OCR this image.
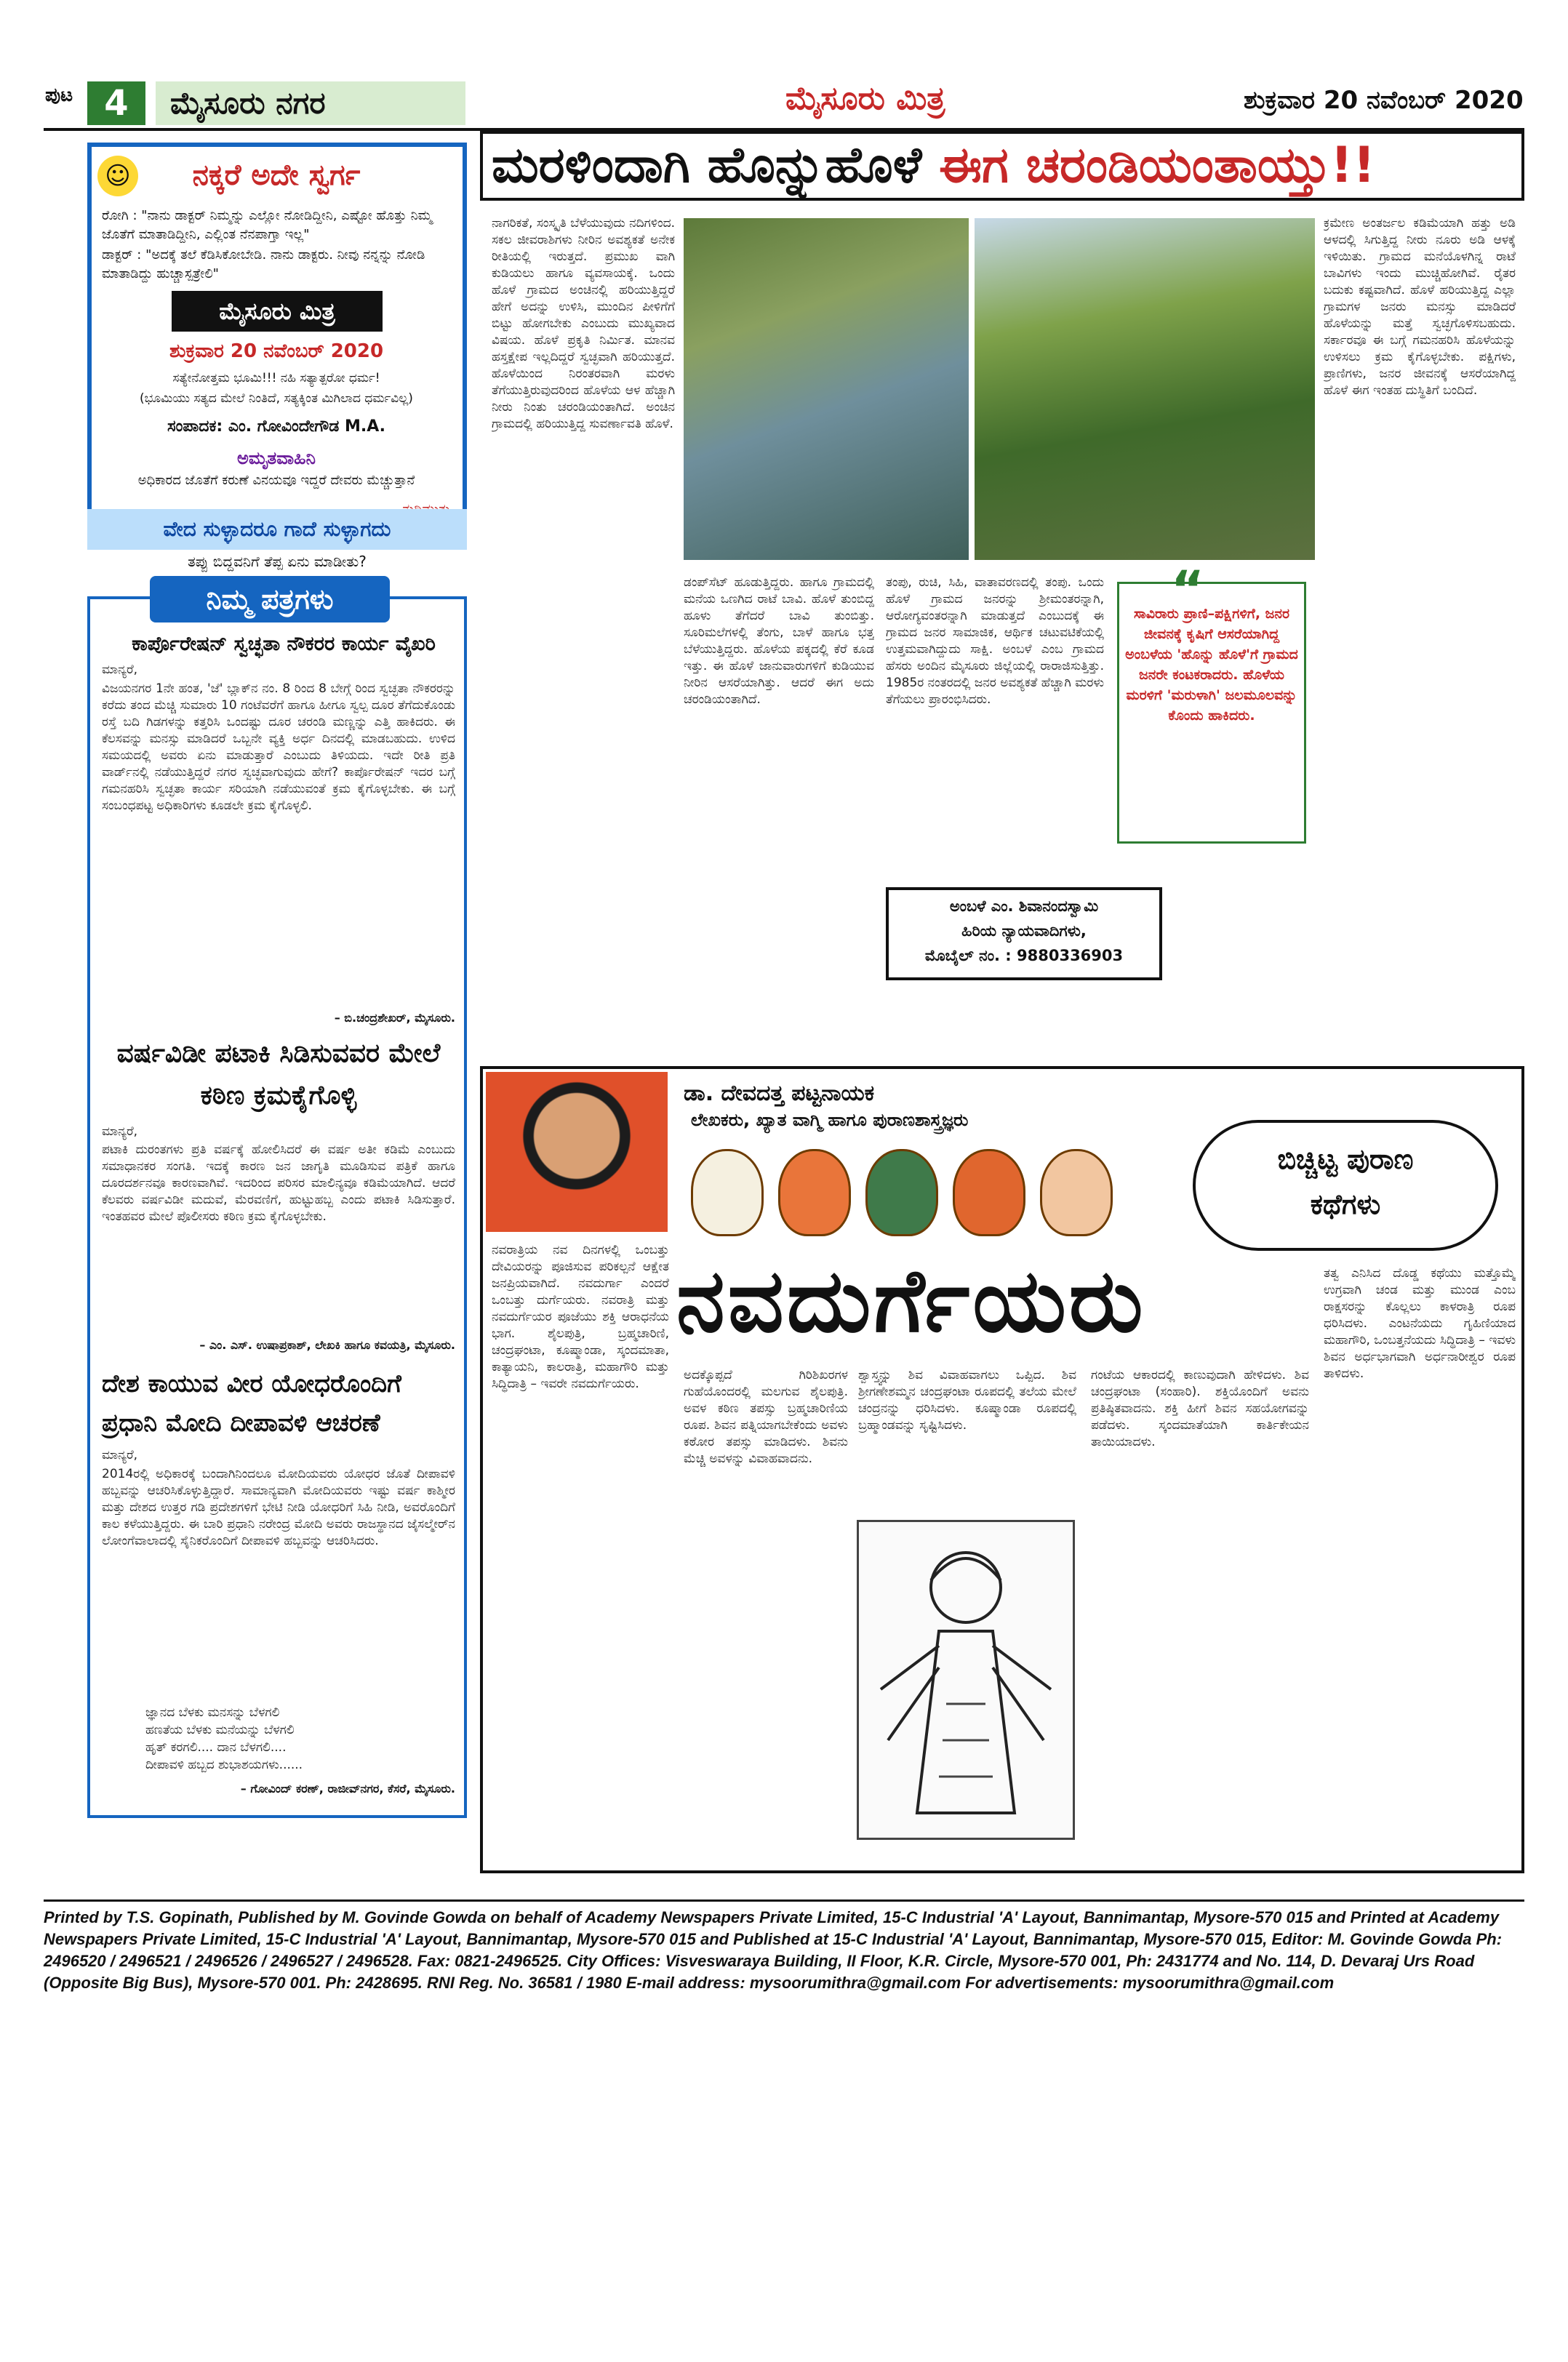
ಪುಟ 4	ಮೈಸೂರು ನಗರ	ಮೈಸೂರು ಮಿತ್ರ	ಶುಕ್ರವಾರ 20 ನವೆಂಬರ್ 2020
☺	ನಕ್ಕರೆ ಅದೇ ಸ್ವರ್ಗ
ರೋಗಿ : "ನಾನು ಡಾಕ್ಟರ್ ನಿಮ್ಮನ್ನು ಎಲ್ಲೋ ನೋಡಿದ್ದೀನಿ, ಎಷ್ಟೋ ಹೊತ್ತು ನಿಮ್ಮ ಜೊತೆಗೆ ಮಾತಾಡಿದ್ದೀನಿ, ಎಲ್ಲಿಂತ ನೆನಪಾಗ್ತಾ ಇಲ್ಲ"
ಡಾಕ್ಟರ್ : "ಅದಕ್ಕೆ ತಲೆ ಕೆಡಿಸಿಕೋಬೇಡಿ. ನಾನು ಡಾಕ್ಟರು. ನೀವು ನನ್ನನ್ನು ನೋಡಿ ಮಾತಾಡಿದ್ದು ಹುಚ್ಚಾಸ್ಪತ್ರೇಲಿ"
ಮೈಸೂರು ಮಿತ್ರ
ಶುಕ್ರವಾರ 20 ನವೆಂಬರ್ 2020
ಸತ್ಯೇನೋತ್ತಮ ಭೂಮಿ!!! ನಹಿ ಸತ್ಯಾತ್ಪರೋ ಧರ್ಮ!
(ಭೂಮಿಯು ಸತ್ಯದ ಮೇಲೆ ನಿಂತಿದೆ, ಸತ್ಯಕ್ಕಿಂತ ಮಿಗಿಲಾದ ಧರ್ಮವಿಲ್ಲ)
ಸಂಪಾದಕ: ಎಂ. ಗೋವಿಂದೇಗೌಡ M.A.
ಅಮೃತವಾಹಿನಿ
ಅಧಿಕಾರದ ಜೊತೆಗೆ ಕರುಣೆ ವಿನಯವೂ ಇದ್ದರೆ ದೇವರು ಮೆಚ್ಚುತ್ತಾನೆ
ವೇದ ಸುಳ್ಳಾದರೂ ಗಾದೆ ಸುಳ್ಳಾಗದು
ತಪ್ಪು ಬಿದ್ದವನಿಗೆ ತೆಪ್ಪ ಏನು ಮಾಡೀತು?
ನಿಮ್ಮ ಪತ್ರಗಳು
ಕಾರ್ಪೊರೇಷನ್ ಸ್ವಚ್ಛತಾ ನೌಕರರ ಕಾರ್ಯ ವೈಖರಿ
ಮಾನ್ಯರೆ,
ವಿಜಯನಗರ 1ನೇ ಹಂತ, 'ಜೆ' ಬ್ಲಾಕ್‌ನ ನಂ. 8 ರಿಂದ 8 ಬೇಗ್ಗೆ ರಿಂದ ಸ್ವಚ್ಛತಾ ನೌಕರರನ್ನು ಕರೆದು ತಂದ ಮೆಚ್ಚಿ ಸುಮಾರು 10 ಗಂಟೆವರೆಗೆ ಹಾಗೂ ಹೀಗೂ ಸ್ವಲ್ಪ ದೂರ ತೆಗೆದುಕೊಂಡು ರಸ್ತೆ ಬದಿ ಗಿಡಗಳನ್ನು ಕತ್ತರಿಸಿ ಒಂದಷ್ಟು ದೂರ ಚರಂಡಿ ಮಣ್ಣನ್ನು ಎತ್ತಿ ಹಾಕಿದರು. ಈ ಕೆಲಸವನ್ನು ಮನಸ್ಸು ಮಾಡಿದರೆ ಒಬ್ಬನೇ ವ್ಯಕ್ತಿ ಅರ್ಧ ದಿನದಲ್ಲಿ ಮಾಡಬಹುದು. ಉಳಿದ ಸಮಯದಲ್ಲಿ ಅವರು ಏನು ಮಾಡುತ್ತಾರೆ ಎಂಬುದು ತಿಳಿಯದು. ಇದೇ ರೀತಿ ಪ್ರತಿ ವಾರ್ಡ್‌ನಲ್ಲಿ ನಡೆಯುತ್ತಿದ್ದರೆ ನಗರ ಸ್ವಚ್ಛವಾಗುವುದು ಹೇಗೆ? ಕಾರ್ಪೊರೇಷನ್ ಇದರ ಬಗ್ಗೆ ಗಮನಹರಿಸಿ ಸ್ವಚ್ಛತಾ ಕಾರ್ಯ ಸರಿಯಾಗಿ ನಡೆಯುವಂತೆ ಕ್ರಮ ಕೈಗೊಳ್ಳಬೇಕು. ಈ ಬಗ್ಗೆ ಸಂಬಂಧಪಟ್ಟ ಅಧಿಕಾರಿಗಳು ಕೂಡಲೇ ಕ್ರಮ ಕೈಗೊಳ್ಳಲಿ.
– ಬಿ.ಚಂದ್ರಶೇಖರ್, ಮೈಸೂರು.
ವರ್ಷವಿಡೀ ಪಟಾಕಿ ಸಿಡಿಸುವವರ ಮೇಲೆ ಕಠಿಣ ಕ್ರಮಕೈಗೊಳ್ಳಿ
ಮಾನ್ಯರೆ,
ಪಟಾಕಿ ದುರಂತಗಳು ಪ್ರತಿ ವರ್ಷಕ್ಕೆ ಹೋಲಿಸಿದರೆ ಈ ವರ್ಷ ಅತೀ ಕಡಿಮೆ ಎಂಬುದು ಸಮಾಧಾನಕರ ಸಂಗತಿ. ಇದಕ್ಕೆ ಕಾರಣ ಜನ ಜಾಗೃತಿ ಮೂಡಿಸುವ ಪತ್ರಿಕೆ ಹಾಗೂ ದೂರದರ್ಶನವೂ ಕಾರಣವಾಗಿವೆ. ಇದರಿಂದ ಪರಿಸರ ಮಾಲಿನ್ಯವೂ ಕಡಿಮೆಯಾಗಿದೆ. ಆದರೆ ಕೆಲವರು ವರ್ಷವಿಡೀ ಮದುವೆ, ಮೆರವಣಿಗೆ, ಹುಟ್ಟುಹಬ್ಬ ಎಂದು ಪಟಾಕಿ ಸಿಡಿಸುತ್ತಾರೆ. ಇಂತಹವರ ಮೇಲೆ ಪೊಲೀಸರು ಕಠಿಣ ಕ್ರಮ ಕೈಗೊಳ್ಳಬೇಕು.
– ಎಂ. ಎಸ್. ಉಷಾಪ್ರಕಾಶ್, ಲೇಖಕಿ ಹಾಗೂ ಕವಯತ್ರಿ, ಮೈಸೂರು.
ದೇಶ ಕಾಯುವ ವೀರ ಯೋಧರೊಂದಿಗೆ ಪ್ರಧಾನಿ ಮೋದಿ ದೀಪಾವಳಿ ಆಚರಣೆ
ಮಾನ್ಯರೆ,
2014ರಲ್ಲಿ ಅಧಿಕಾರಕ್ಕೆ ಬಂದಾಗಿನಿಂದಲೂ ಮೋದಿಯವರು ಯೋಧರ ಜೊತೆ ದೀಪಾವಳಿ ಹಬ್ಬವನ್ನು ಆಚರಿಸಿಕೊಳ್ಳುತ್ತಿದ್ದಾರೆ. ಸಾಮಾನ್ಯವಾಗಿ ಮೋದಿಯವರು ಇಷ್ಟು ವರ್ಷ ಕಾಶ್ಮೀರ ಮತ್ತು ದೇಶದ ಉತ್ತರ ಗಡಿ ಪ್ರದೇಶಗಳಿಗೆ ಭೇಟಿ ನೀಡಿ ಯೋಧರಿಗೆ ಸಿಹಿ ನೀಡಿ, ಅವರೊಂದಿಗೆ ಕಾಲ ಕಳೆಯುತ್ತಿದ್ದರು. ಈ ಬಾರಿ ಪ್ರಧಾನಿ ನರೇಂದ್ರ ಮೋದಿ ಅವರು ರಾಜಸ್ಥಾನದ ಜೈಸಲ್ಮೇರ್‌ನ ಲೋಂಗೆವಾಲಾದಲ್ಲಿ ಸೈನಿಕರೊಂದಿಗೆ ದೀಪಾವಳಿ ಹಬ್ಬವನ್ನು ಆಚರಿಸಿದರು.
ಜ್ಞಾನದ ಬೆಳಕು ಮನಸನ್ನು ಬೆಳಗಲಿ
ಹಣತೆಯ ಬೆಳಕು ಮನೆಯನ್ನು ಬೆಳಗಲಿ
ಹೃತ್ ಕರಗಲಿ.... ದಾನ ಬೆಳಗಲಿ....
ದೀಪಾವಳಿ ಹಬ್ಬದ ಶುಭಾಶಯಗಳು......
– ಗೋವಿಂದ್ ಕರಣ್, ರಾಜೀವ್‌ನಗರ, ಕೆಸರೆ, ಮೈಸೂರು.
ಮರಳಿಂದಾಗಿ ಹೊನ್ನುಹೊಳೆ ಈಗ ಚರಂಡಿಯಂತಾಯ್ತು!!
ನಾಗರಿಕತೆ, ಸಂಸ್ಕೃತಿ ಬೆಳೆಯುವುದು ನದಿಗಳಿಂದ. ಸಕಲ ಜೀವರಾಶಿಗಳು ನೀರಿನ ಅವಶ್ಯಕತೆ ಅನೇಕ ರೀತಿಯಲ್ಲಿ ಇರುತ್ತದೆ. ಪ್ರಮುಖ ವಾಗಿ ಕುಡಿಯಲು ಹಾಗೂ ವ್ಯವಸಾಯಕ್ಕೆ. ಒಂದು ಹೊಳೆ ಗ್ರಾಮದ ಅಂಚಿನಲ್ಲಿ ಹರಿಯುತ್ತಿದ್ದರೆ ಹೇಗೆ ಅದನ್ನು ಉಳಿಸಿ, ಮುಂದಿನ ಪೀಳಿಗೆಗೆ ಬಿಟ್ಟು ಹೋಗಬೇಕು ಎಂಬುದು ಮುಖ್ಯವಾದ ವಿಷಯ. ಹೊಳೆ ಪ್ರಕೃತಿ ನಿರ್ಮಿತ. ಮಾನವ ಹಸ್ತಕ್ಷೇಪ ಇಲ್ಲದಿದ್ದರೆ ಸ್ವಚ್ಛವಾಗಿ ಹರಿಯುತ್ತದೆ. ಹೊಳೆಯಿಂದ ನಿರಂತರವಾಗಿ ಮರಳು ತೆಗೆಯುತ್ತಿರುವುದರಿಂದ ಹೊಳೆಯ ಆಳ ಹೆಚ್ಚಾಗಿ ನೀರು ನಿಂತು ಚರಂಡಿಯಂತಾಗಿದೆ. ಅಂಚಿನ ಗ್ರಾಮದಲ್ಲಿ ಹರಿಯುತ್ತಿದ್ದ ಸುವರ್ಣಾವತಿ ಹೊಳೆ.
ಡಂಪ್‌ಸೆಟ್ ಹೂಡುತ್ತಿದ್ದರು. ಹಾಗೂ ಗ್ರಾಮದಲ್ಲಿ ಮನೆಯ ಒಣಗಿದ ರಾಟೆ ಬಾವಿ. ಹೊಳೆ ತುಂಬಿದ್ದ ಹೂಳು ತೆಗೆದರೆ ಬಾವಿ ತುಂಬಿತ್ತು. ಸೂರಿಮಲೆಗಳಲ್ಲಿ ತೆಂಗು, ಬಾಳೆ ಹಾಗೂ ಭತ್ತ ಬೆಳೆಯುತ್ತಿದ್ದರು. ಹೊಳೆಯ ಪಕ್ಕದಲ್ಲಿ ಕೆರೆ ಕೂಡ ಇತ್ತು. ಈ ಹೊಳೆ ಜಾನುವಾರುಗಳಿಗೆ ಕುಡಿಯುವ ನೀರಿನ ಆಸರೆಯಾಗಿತ್ತು. ಆದರೆ ಈಗ ಅದು ಚರಂಡಿಯಂತಾಗಿದೆ.
ತಂಪು, ರುಚಿ, ಸಿಹಿ, ವಾತಾವರಣದಲ್ಲಿ ತಂಪು. ಒಂದು ಹೊಳೆ ಗ್ರಾಮದ ಜನರನ್ನು ಶ್ರೀಮಂತರನ್ನಾಗಿ, ಆರೋಗ್ಯವಂತರನ್ನಾಗಿ ಮಾಡುತ್ತದೆ ಎಂಬುದಕ್ಕೆ ಈ ಗ್ರಾಮದ ಜನರ ಸಾಮಾಜಿಕ, ಆರ್ಥಿಕ ಚಟುವಟಿಕೆಯಲ್ಲಿ ಉತ್ತಮವಾಗಿದ್ದುದು ಸಾಕ್ಷಿ. ಅಂಬಳೆ ಎಂಬ ಗ್ರಾಮದ ಹೆಸರು ಅಂದಿನ ಮೈಸೂರು ಜಿಲ್ಲೆಯಲ್ಲಿ ರಾರಾಜಿಸುತ್ತಿತ್ತು. 1985ರ ನಂತರದಲ್ಲಿ ಜನರ ಅವಶ್ಯಕತೆ ಹೆಚ್ಚಾಗಿ ಮರಳು ತೆಗೆಯಲು ಪ್ರಾರಂಭಿಸಿದರು.
ಕ್ರಮೇಣ ಅಂತರ್ಜಲ ಕಡಿಮೆಯಾಗಿ ಹತ್ತು ಅಡಿ ಆಳದಲ್ಲಿ ಸಿಗುತ್ತಿದ್ದ ನೀರು ನೂರು ಅಡಿ ಆಳಕ್ಕೆ ಇಳಿಯಿತು. ಗ್ರಾಮದ ಮನೆಯೊಳಗಿನ್ನ ರಾಟೆ ಬಾವಿಗಳು ಇಂದು ಮುಚ್ಚಿಹೋಗಿವೆ. ರೈತರ ಬದುಕು ಕಷ್ಟವಾಗಿದೆ. ಹೊಳೆ ಹರಿಯುತ್ತಿದ್ದ ಎಲ್ಲಾ ಗ್ರಾಮಗಳ ಜನರು ಮನಸ್ಸು ಮಾಡಿದರೆ ಹೊಳೆಯನ್ನು ಮತ್ತೆ ಸ್ವಚ್ಛಗೊಳಿಸಬಹುದು. ಸರ್ಕಾರವೂ ಈ ಬಗ್ಗೆ ಗಮನಹರಿಸಿ ಹೊಳೆಯನ್ನು ಉಳಿಸಲು ಕ್ರಮ ಕೈಗೊಳ್ಳಬೇಕು. ಪಕ್ಷಿಗಳು, ಪ್ರಾಣಿಗಳು, ಜನರ ಜೀವನಕ್ಕೆ ಆಸರೆಯಾಗಿದ್ದ ಹೊಳೆ ಈಗ ಇಂತಹ ದುಸ್ಥಿತಿಗೆ ಬಂದಿದೆ.
“
ಸಾವಿರಾರು ಪ್ರಾಣಿ–ಪಕ್ಷಿಗಳಿಗೆ, ಜನರ ಜೀವನಕ್ಕೆ ಕೃಷಿಗೆ ಆಸರೆಯಾಗಿದ್ದ ಅಂಬಳೆಯ 'ಹೊನ್ನು ಹೊಳೆ'ಗೆ ಗ್ರಾಮದ ಜನರೇ ಕಂಟಕರಾದರು. ಹೊಳೆಯ ಮರಳಿಗೆ 'ಮರುಳಾಗಿ' ಜಲಮೂಲವನ್ನು ಕೊಂದು ಹಾಕಿದರು.
ಅಂಬಳೆ ಎಂ. ಶಿವಾನಂದಸ್ವಾಮಿ
ಹಿರಿಯ ನ್ಯಾಯವಾದಿಗಳು,
ಮೊಬೈಲ್ ನಂ. : 9880336903
ಡಾ. ದೇವದತ್ತ ಪಟ್ಟನಾಯಕ
ಲೇಖಕರು, ಖ್ಯಾತ ವಾಗ್ಮಿ ಹಾಗೂ ಪುರಾಣಶಾಸ್ತ್ರಜ್ಞರು
ಬಿಚ್ಚಿಟ್ಟ ಪುರಾಣ
ಕಥೆಗಳು
ನವರಾತ್ರಿಯ ನವ ದಿನಗಳಲ್ಲಿ ಒಂಬತ್ತು ದೇವಿಯರನ್ನು ಪೂಜಿಸುವ ಪರಿಕಲ್ಪನೆ ಆಕ್ಷೇತ ಜನಪ್ರಿಯವಾಗಿದೆ. ನವದುರ್ಗಾ ಎಂದರೆ ಒಂಬತ್ತು ದುರ್ಗೆಯರು. ನವರಾತ್ರಿ ಮತ್ತು ನವದುರ್ಗೆಯರ ಪೂಜೆಯು ಶಕ್ತಿ ಆರಾಧನೆಯ ಭಾಗ. ಶೈಲಪುತ್ರಿ, ಬ್ರಹ್ಮಚಾರಿಣಿ, ಚಂದ್ರಘಂಟಾ, ಕೂಷ್ಮಾಂಡಾ, ಸ್ಕಂದಮಾತಾ, ಕಾತ್ಯಾಯನಿ, ಕಾಲರಾತ್ರಿ, ಮಹಾಗೌರಿ ಮತ್ತು ಸಿದ್ಧಿದಾತ್ರಿ – ಇವರೇ ನವದುರ್ಗೆಯರು.
ನವದುರ್ಗೆಯರು
ಅದಕ್ಕೊಪ್ಪದೆ ಗಿರಿಶಿಖರಗಳ ಗುಹೆಯೊಂದರಲ್ಲಿ ಮಲಗುವ ಶೈಲಪುತ್ರಿ. ಅವಳ ಕಠಿಣ ತಪಸ್ಸು ಬ್ರಹ್ಮಚಾರಿಣಿಯ ರೂಪ. ಶಿವನ ಪತ್ನಿಯಾಗಬೇಕೆಂದು ಅವಳು ಕಠೋರ ತಪಸ್ಸು ಮಾಡಿದಳು. ಶಿವನು ಮೆಚ್ಚಿ ಅವಳನ್ನು ವಿವಾಹವಾದನು.
ಶ್ವಾಸ್ತ್ವನ್ನು ಶಿವ ವಿವಾಹವಾಗಲು ಒಪ್ಪಿದ. ಶಿವ ಶ್ರೀಗಣೇಶಮ್ಮನ ಚಂದ್ರಘಂಟಾ ರೂಪದಲ್ಲಿ ತಲೆಯ ಮೇಲೆ ಚಂದ್ರನನ್ನು ಧರಿಸಿದಳು. ಕೂಷ್ಮಾಂಡಾ ರೂಪದಲ್ಲಿ ಬ್ರಹ್ಮಾಂಡವನ್ನು ಸೃಷ್ಟಿಸಿದಳು.
ಗಂಟೆಯ ಆಕಾರದಲ್ಲಿ ಕಾಣುವುದಾಗಿ ಹೇಳಿದಳು. ಶಿವ ಚಂದ್ರಘಂಟಾ (ಸಂಹಾರಿ). ಶಕ್ತಿಯೊಂದಿಗೆ ಅವನು ಪ್ರತಿಷ್ಠಿತವಾದನು. ಶಕ್ತಿ ಹೀಗೆ ಶಿವನ ಸಹಯೋಗವನ್ನು ಪಡೆದಳು. ಸ್ಕಂದಮಾತೆಯಾಗಿ ಕಾರ್ತಿಕೇಯನ ತಾಯಿಯಾದಳು.
ತತ್ವ ಎನಿಸಿದ ದೊಡ್ಡ ಕಥೆಯು ಮತ್ತೊಮ್ಮೆ ಉಗ್ರವಾಗಿ ಚಂಡ ಮತ್ತು ಮುಂಡ ಎಂಬ ರಾಕ್ಷಸರನ್ನು ಕೊಲ್ಲಲು ಕಾಳರಾತ್ರಿ ರೂಪ ಧರಿಸಿದಳು. ಎಂಟನೆಯದು ಗೃಹಿಣಿಯಾದ ಮಹಾಗೌರಿ, ಒಂಬತ್ತನೆಯದು ಸಿದ್ಧಿದಾತ್ರಿ – ಇವಳು ಶಿವನ ಅರ್ಧಭಾಗವಾಗಿ ಅರ್ಧನಾರೀಶ್ವರ ರೂಪ ತಾಳಿದಳು.
Printed by T.S. Gopinath, Published by M. Govinde Gowda on behalf of Academy Newspapers Private Limited, 15-C Industrial 'A' Layout, Bannimantap, Mysore-570 015 and Printed at Academy Newspapers Private Limited, 15-C Industrial 'A' Layout, Bannimantap, Mysore-570 015 and Published at 15-C Industrial 'A' Layout, Bannimantap, Mysore-570 015, Editor: M. Govinde Gowda Ph: 2496520 / 2496521 / 2496526 / 2496527 / 2496528. Fax: 0821-2496525. City Offices: Visveswaraya Building, II Floor, K.R. Circle, Mysore-570 001, Ph: 2431774 and No. 114, D. Devaraj Urs Road (Opposite Big Bus), Mysore-570 001. Ph: 2428695. RNI Reg. No. 36581 / 1980 E-mail address: mysoorumithra@gmail.com For advertisements: mysoorumithra@gmail.com
